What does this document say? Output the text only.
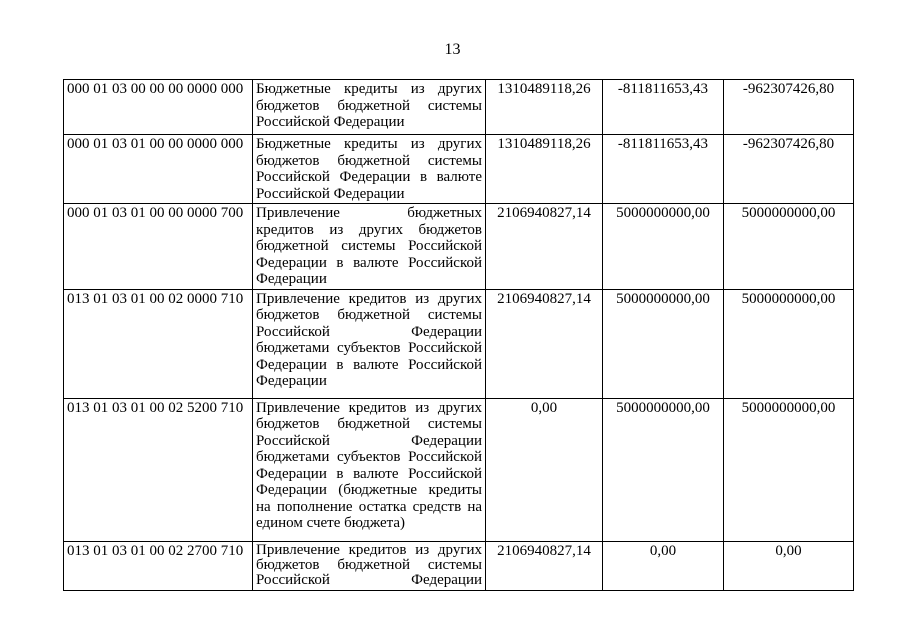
13
000 01 03 00 00 00 0000 000	Бюджетные кредиты из других
бюджетов бюджетной системы
Российской Федерации	1310489118,26	-811811653,43	-962307426,80
000 01 03 01 00 00 0000 000	Бюджетные кредиты из других
бюджетов бюджетной системы
Российской Федерации в валюте
Российской Федерации	1310489118,26	-811811653,43	-962307426,80
000 01 03 01 00 00 0000 700	Привлечение бюджетных
кредитов из других бюджетов
бюджетной системы Российской
Федерации в валюте Российской
Федерации	2106940827,14	5000000000,00	5000000000,00
013 01 03 01 00 02 0000 710	Привлечение кредитов из других
бюджетов бюджетной системы
Российской Федерации
бюджетами субъектов Российской
Федерации в валюте Российской
Федерации
	2106940827,14	5000000000,00	5000000000,00
013 01 03 01 00 02 5200 710	Привлечение кредитов из других
бюджетов бюджетной системы
Российской Федерации
бюджетами субъектов Российской
Федерации в валюте Российской
Федерации (бюджетные кредиты
на пополнение остатка средств на
едином счете бюджета)
	0,00	5000000000,00	5000000000,00
013 01 03 01 00 02 2700 710	Привлечение кредитов из других
бюджетов бюджетной системы
Российской Федерации	2106940827,14	0,00	0,00
